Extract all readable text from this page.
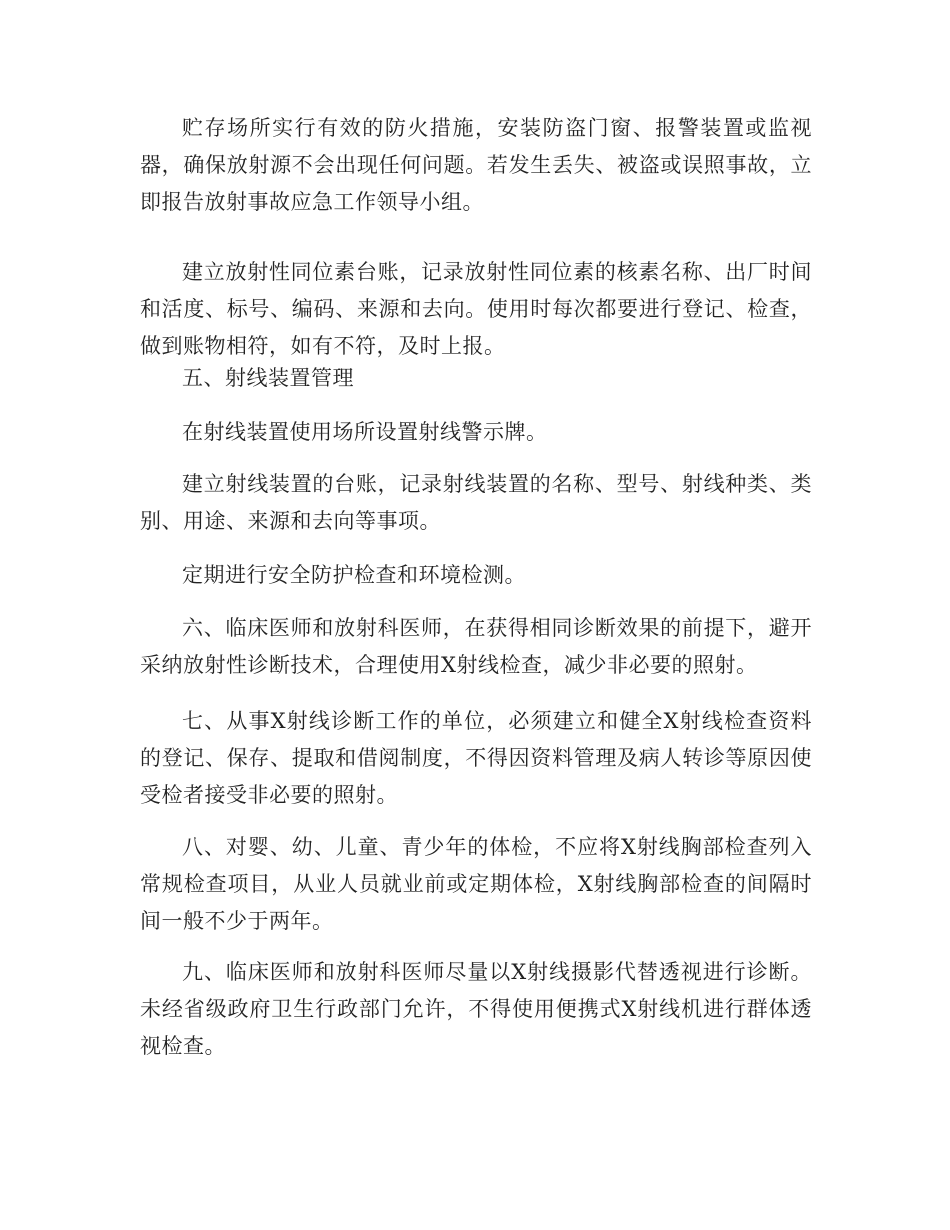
贮存场所实行有效的防火措施，安装防盗门窗、报警装置或监视器，确保放射源不会出现任何问题。若发生丢失、被盗或误照事故，立即报告放射事故应急工作领导小组。

建立放射性同位素台账，记录放射性同位素的核素名称、出厂时间和活度、标号、编码、来源和去向。使用时每次都要进行登记、检查，做到账物相符，如有不符，及时上报。

五、射线装置管理

在射线装置使用场所设置射线警示牌。

建立射线装置的台账，记录射线装置的名称、型号、射线种类、类别、用途、来源和去向等事项。

定期进行安全防护检查和环境检测。

六、临床医师和放射科医师，在获得相同诊断效果的前提下，避开采纳放射性诊断技术，合理使用X射线检查，减少非必要的照射。

七、从事X射线诊断工作的单位，必须建立和健全X射线检查资料的登记、保存、提取和借阅制度，不得因资料管理及病人转诊等原因使受检者接受非必要的照射。

八、对婴、幼、儿童、青少年的体检，不应将X射线胸部检查列入常规检查项目，从业人员就业前或定期体检，X射线胸部检查的间隔时间一般不少于两年。

九、临床医师和放射科医师尽量以X射线摄影代替透视进行诊断。未经省级政府卫生行政部门允许，不得使用便携式X射线机进行群体透视检查。
